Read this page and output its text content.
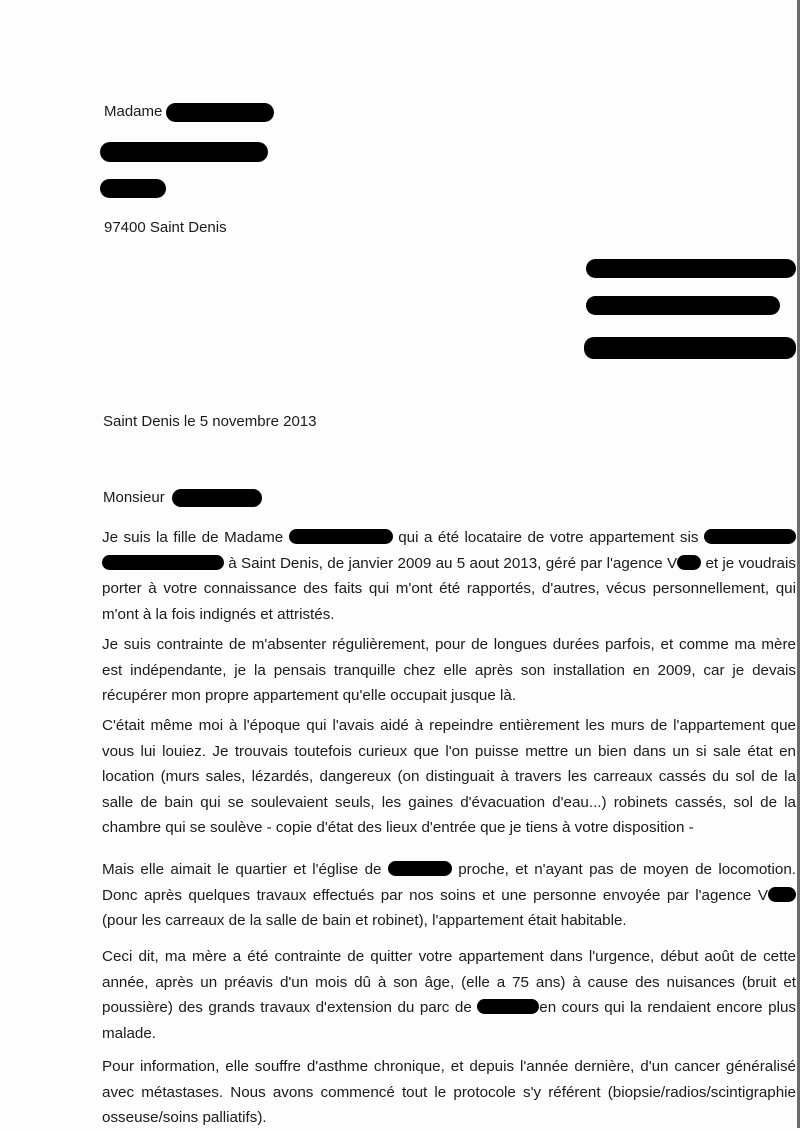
Madame
97400 Saint Denis
Saint Denis le 5 novembre 2013
Monsieur
Je suis la fille de Madame	qui a été locataire de votre appartement sis   à Saint Denis, de janvier 2009 au 5 aout 2013, géré par l'agence V et je voudrais porter à votre connaissance des faits qui m'ont été rapportés, d'autres, vécus personnellement, qui m'ont à la fois indignés et attristés.
Je suis contrainte de m'absenter régulièrement, pour de longues durées parfois, et comme ma mère est indépendante, je la pensais tranquille chez elle après son installation en 2009, car je devais récupérer mon propre appartement qu'elle occupait jusque là.
C'était même moi à l'époque qui l'avais aidé à repeindre entièrement les murs de l'appartement que vous lui louiez. Je trouvais toutefois curieux que l'on puisse mettre un bien dans un si sale état en location (murs sales, lézardés, dangereux (on distinguait à travers les carreaux cassés du sol de la salle de bain qui se soulevaient seuls, les gaines d'évacuation d'eau...) robinets cassés, sol de la chambre qui se soulève - copie d'état des lieux d'entrée que je tiens à votre disposition -
Mais elle aimait le quartier et l'église de	proche, et n'ayant pas de moyen de locomotion. Donc après quelques travaux effectués par nos soins et une personne envoyée par l'agence V (pour les carreaux de la salle de bain et robinet), l'appartement était habitable.
Ceci dit, ma mère a été contrainte de quitter votre appartement dans l'urgence, début août de cette année, après un préavis d'un mois dû à son âge, (elle a 75 ans) à cause des nuisances (bruit et poussière) des grands travaux d'extension du parc de	en cours qui la rendaient encore plus malade.
Pour information, elle souffre d'asthme chronique, et depuis l'année dernière, d'un cancer généralisé avec métastases. Nous avons commencé tout le protocole s'y référent (biopsie/radios/scintigraphie osseuse/soins palliatifs).
